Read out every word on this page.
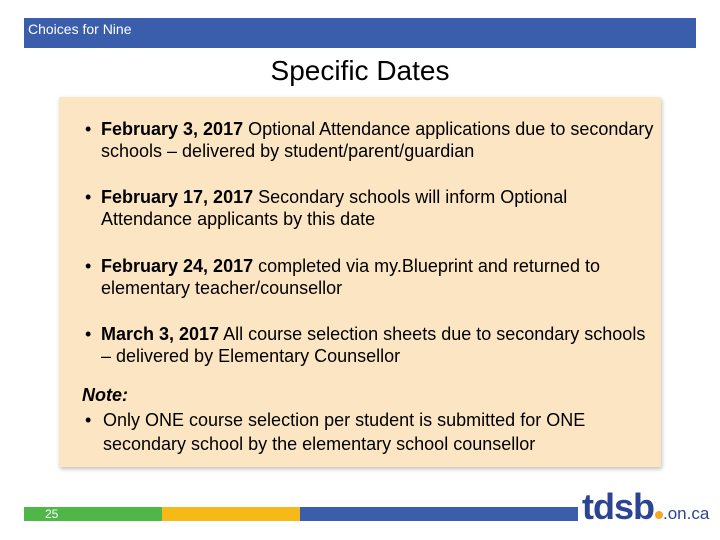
Choices for Nine
Specific Dates
• February 3, 2017 Optional Attendance applications due to secondary schools – delivered by student/parent/guardian
• February 17, 2017 Secondary schools will inform Optional Attendance applicants by this date
• February 24, 2017 completed via my.Blueprint and returned to elementary teacher/counsellor
• March 3, 2017 All course selection sheets due to secondary schools – delivered by Elementary Counsellor
Note:
• Only ONE course selection per student is submitted for ONE secondary school by the elementary school counsellor
25	tdsb .on.ca
